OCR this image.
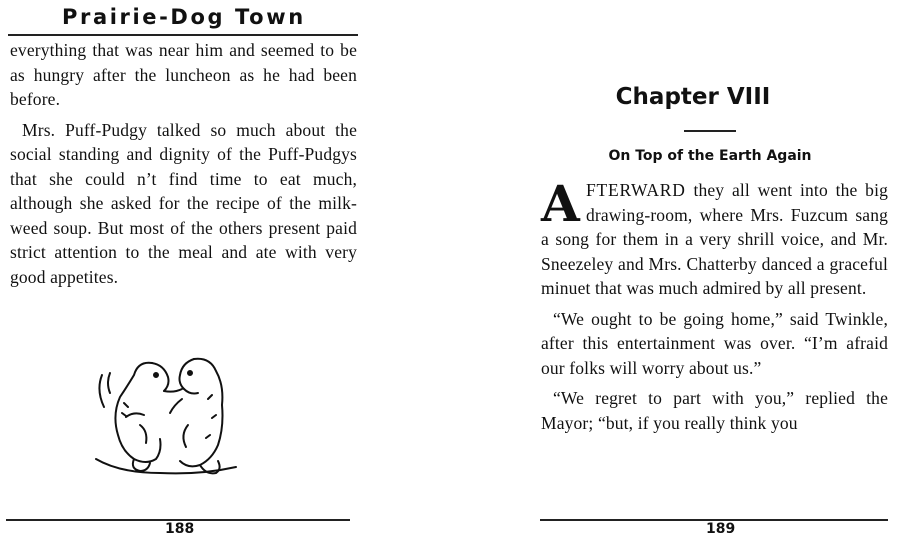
Prairie-Dog Town

everything that was near him and seemed to be as hungry after the luncheon as he had been before.

Mrs. Puff-Pudgy talked so much about the social standing and dignity of the Puff-Pudgys that she could n’t find time to eat much, although she asked for the recipe of the milk-weed soup. But most of the others present paid strict attention to the meal and ate with very good appetites.

188
Chapter VIII
On Top of the Earth Again

AFTERWARD they all went into the big drawing-room, where Mrs. Fuzcum sang a song for them in a very shrill voice, and Mr. Sneezeley and Mrs. Chatterby danced a graceful minuet that was much admired by all present.

“We ought to be going home,” said Twinkle, after this entertainment was over. “I’m afraid our folks will worry about us.”

“We regret to part with you,” replied the Mayor; “but, if you really think you

189
